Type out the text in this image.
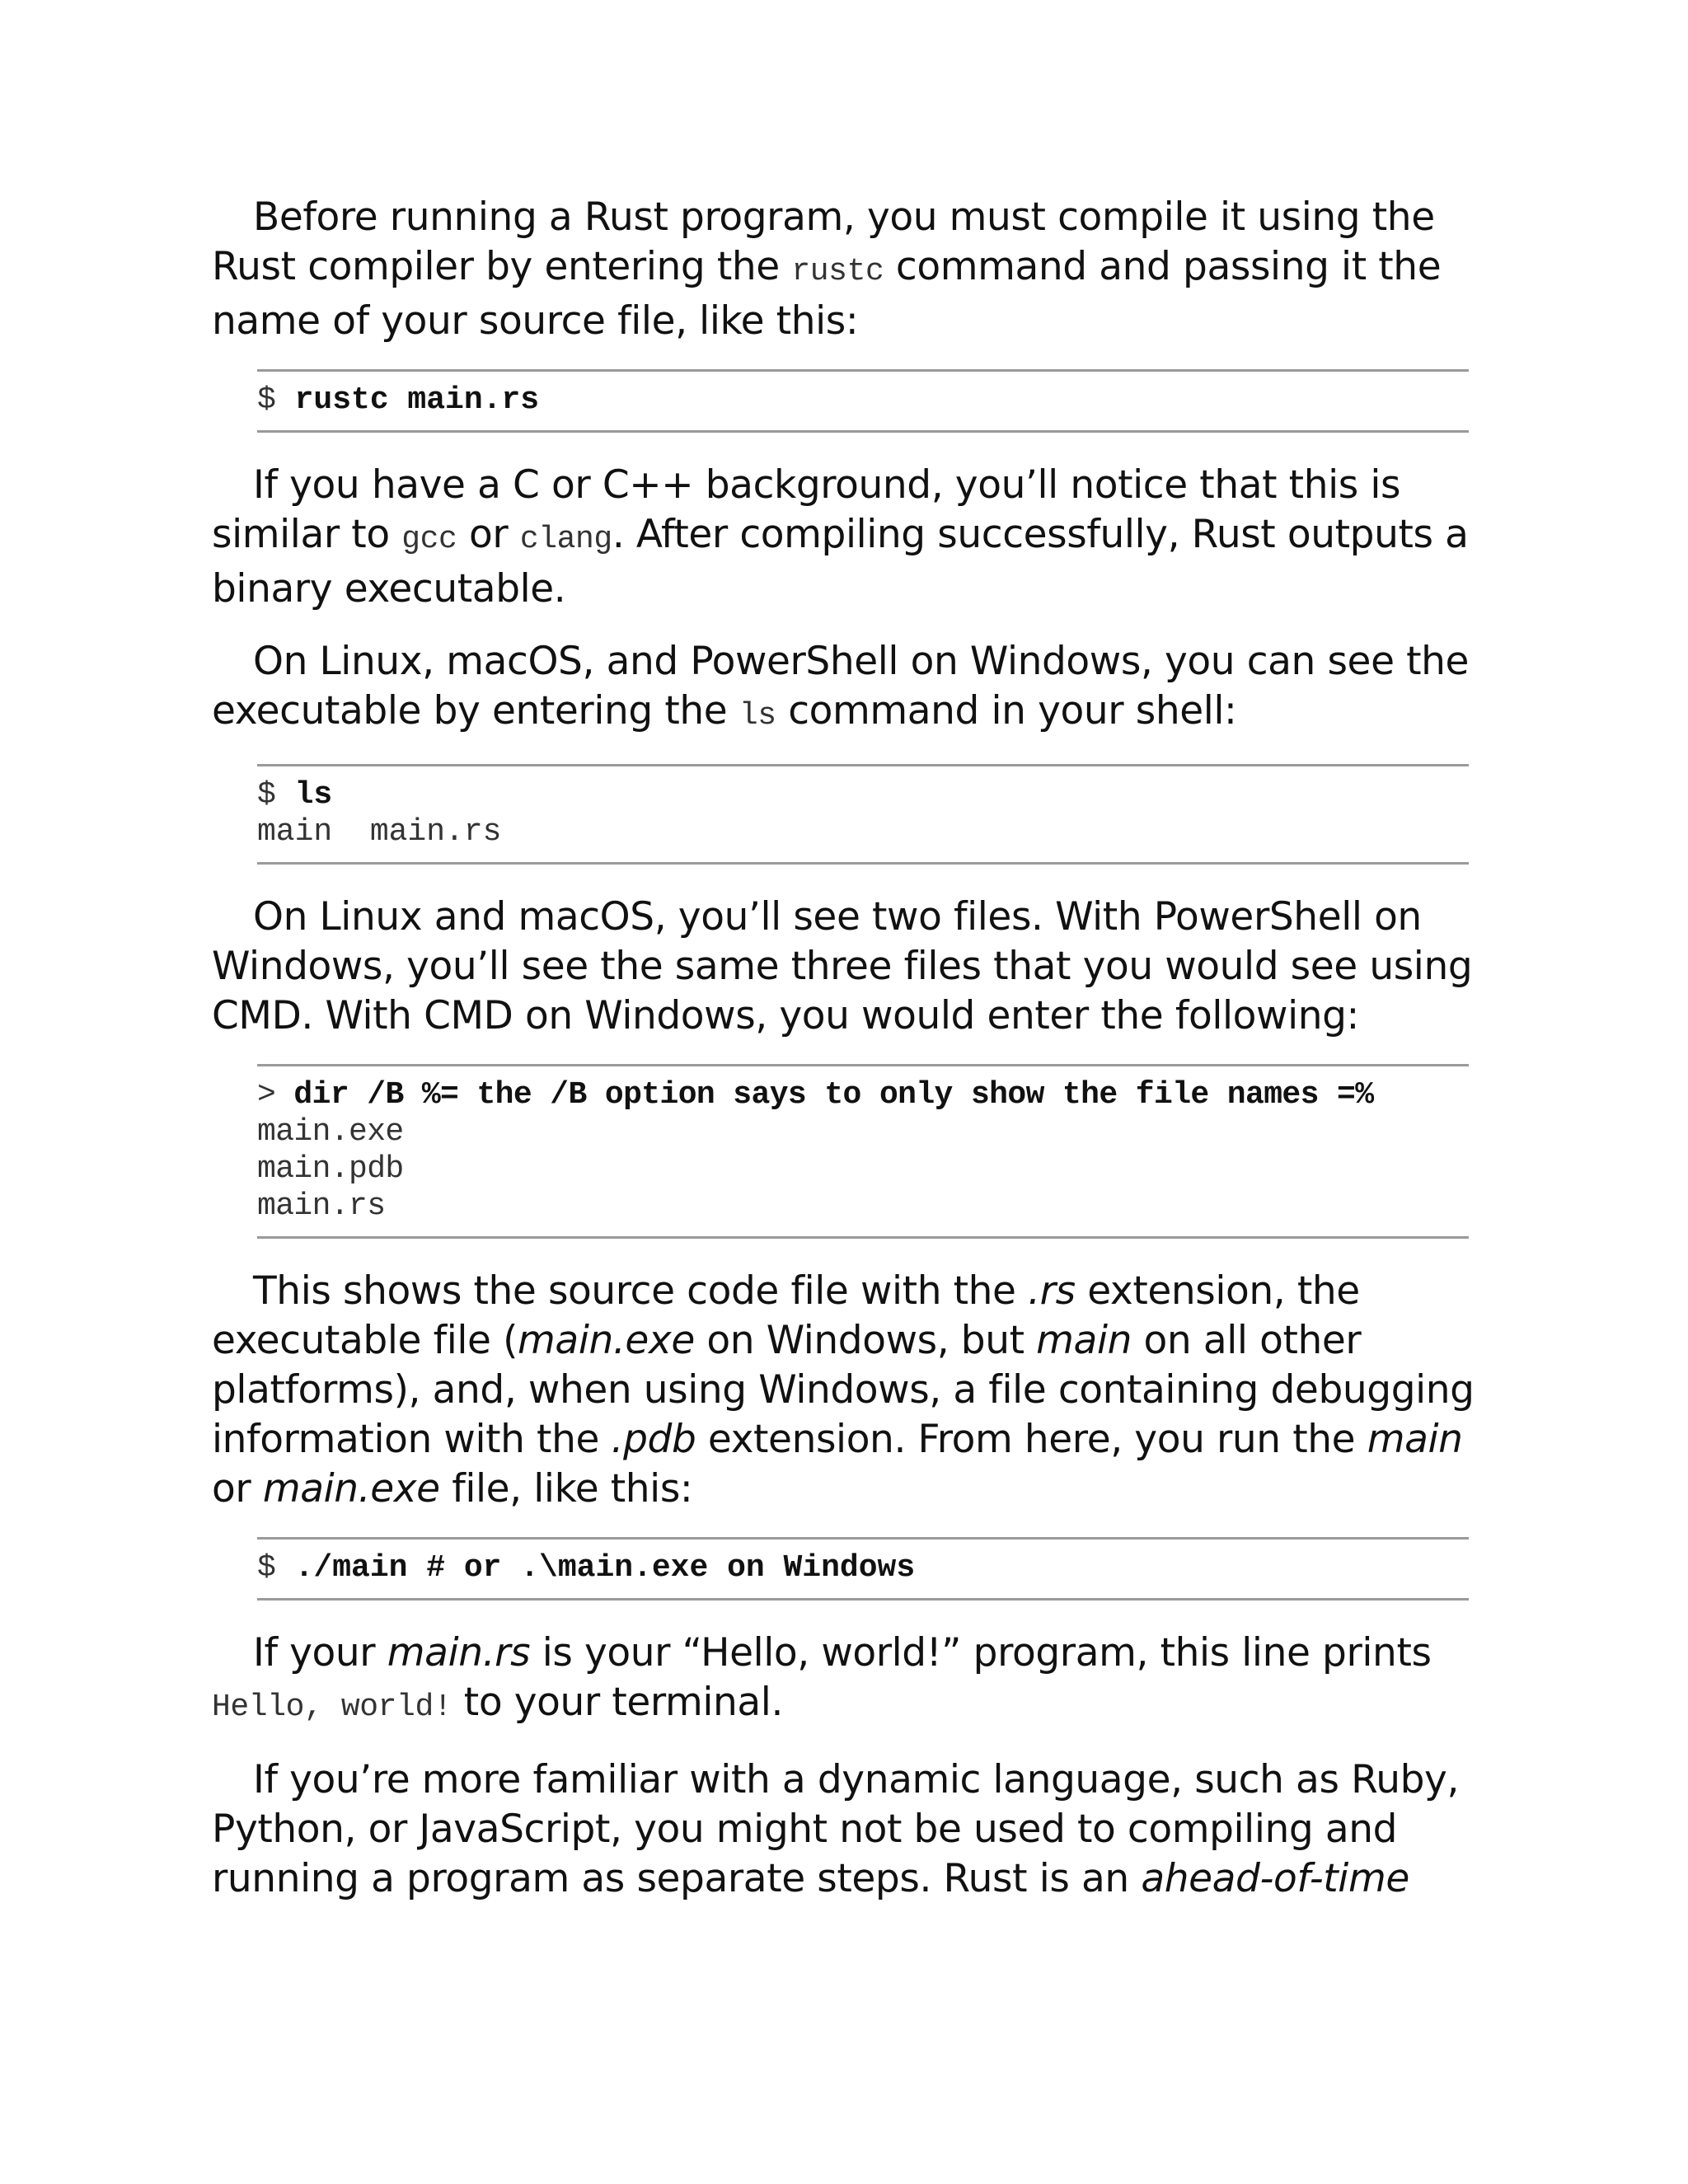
Before running a Rust program, you must compile it using the Rust compiler by entering the rustc command and passing it the name of your source file, like this:

$ rustc main.rs

If you have a C or C++ background, you’ll notice that this is similar to gcc or clang. After compiling successfully, Rust outputs a binary executable.

On Linux, macOS, and PowerShell on Windows, you can see the executable by entering the ls command in your shell:

$ ls
main  main.rs

On Linux and macOS, you’ll see two files. With PowerShell on Windows, you’ll see the same three files that you would see using CMD. With CMD on Windows, you would enter the following:

> dir /B %= the /B option says to only show the file names =%
main.exe
main.pdb
main.rs

This shows the source code file with the .rs extension, the executable file (main.exe on Windows, but main on all other platforms), and, when using Windows, a file containing debugging information with the .pdb extension. From here, you run the main or main.exe file, like this:

$ ./main # or .\main.exe on Windows

If your main.rs is your “Hello, world!” program, this line prints Hello, world! to your terminal.

If you’re more familiar with a dynamic language, such as Ruby, Python, or JavaScript, you might not be used to compiling and running a program as separate steps. Rust is an ahead-of-time
